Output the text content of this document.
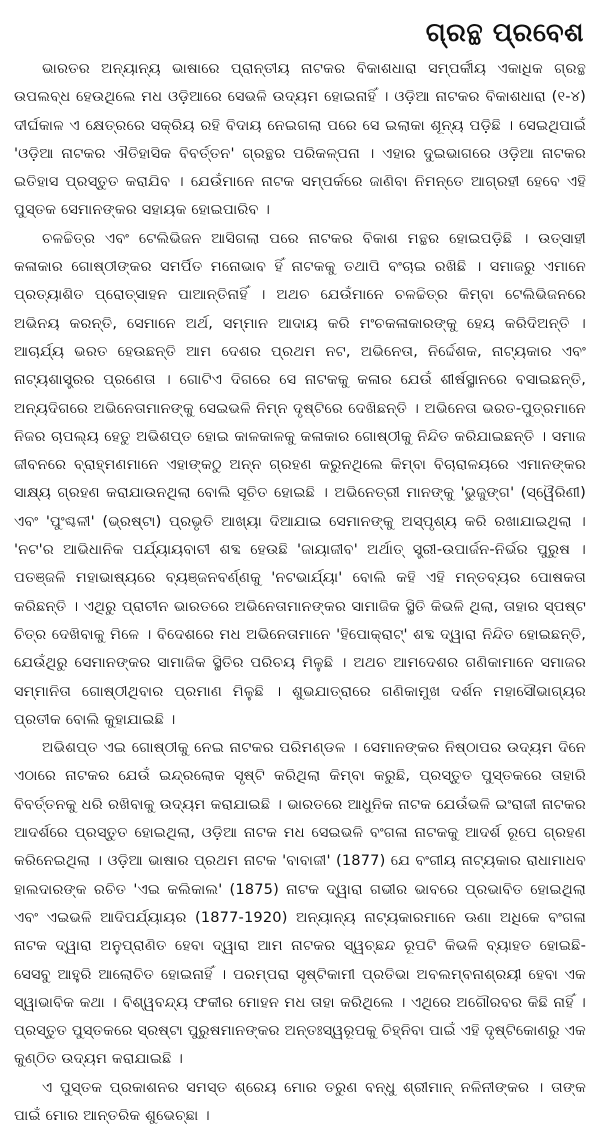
ଗ୍ରନ୍ଥ ପ୍ରବେଶ

ଭାରତର ଅନ୍ୟାନ୍ୟ ଭାଷାରେ ପ୍ରାନ୍ତୀୟ ନାଟକର ବିକାଶଧାରା ସମ୍ପର୍କୀୟ ଏକାଧିକ ଗ୍ରନ୍ଥ ଉପଲବ୍ଧ ହେଉଥିଲେ ମଧ ଓଡ଼ିଆରେ ସେଭଳି ଉଦ୍ୟମ ହୋଇନାହିଁ । ଓଡ଼ିଆ ନାଟକର ବିକାଶଧାରା (୧-୪) ଦୀର୍ଘକାଳ ଏ କ୍ଷେତ୍ରରେ ସକ୍ରିୟ ରହି ବିଦାୟ ନେଇଗଲା ପରେ ସେ ଇଲାକା ଶୂନ୍ୟ ପଡ଼ିଛି । ସେଇଥିପାଇଁ 'ଓଡ଼ିଆ ନାଟକର ଐତିହାସିକ ବିବର୍ତ୍ତନ' ଗ୍ରନ୍ଥର ପରିକଳ୍ପନା । ଏହାର ଦୁଇଭାଗରେ ଓଡ଼ିଆ ନାଟକର ଇତିହାସ ପ୍ରସ୍ତୁତ କରାଯିବ । ଯେଉଁମାନେ ନାଟକ ସମ୍ପର୍କରେ ଜାଣିବା ନିମନ୍ତେ ଆଗ୍ରହୀ ହେବେ ଏହି ପୁସ୍ତକ ସେମାନଙ୍କର ସହାୟକ ହୋଇପାରିବ ।

ଚଳଚ୍ଚିତ୍ର ଏବଂ ଟେଲିଭିଜନ ଆସିଗଲା ପରେ ନାଟକର ବିକାଶ ମନ୍ଥର ହୋଇପଡ଼ିଛି । ଉତ୍ସାହୀ କଳାକାର ଗୋଷ୍ଠୀଙ୍କର ସମର୍ପିତ ମନୋଭାବ ହିଁ ନାଟକକୁ ତଥାପି ବଂଚାଇ ରଖିଛି । ସମାଜରୁ ଏମାନେ ପ୍ରତ୍ୟାଶିତ ପ୍ରୋତ୍ସାହନ ପାଆନ୍ତିନାହିଁ । ଅଥଚ ଯେଉଁମାନେ ଚଳଚ୍ଚିତ୍ର କିମ୍ବା ଟେଲିଭିଜନରେ ଅଭିନୟ କରନ୍ତି, ସେମାନେ ଅର୍ଥ, ସମ୍ମାନ ଆଦାୟ କରି ମଂଚକଳାକାରଙ୍କୁ ହେୟ କରିଦିଅନ୍ତି । ଆଚାର୍ଯ୍ୟ ଭରତ ହେଉଛନ୍ତି ଆମ ଦେଶର ପ୍ରଥମ ନଟ, ଅଭିନେତା, ନିର୍ଦ୍ଦେଶକ, ନାଟ୍ୟକାର ଏବଂ ନାଟ୍ୟଶାସ୍ତ୍ରର ପ୍ରଣେତା । ଗୋଟିଏ ଦିଗରେ ସେ ନାଟକକୁ କଳାର ଯେଉଁ ଶୀର୍ଷସ୍ଥାନରେ ବସାଇଛନ୍ତି, ଅନ୍ୟଦିଗରେ ଅଭିନେତାମାନଙ୍କୁ ସେଇଭଳି ନିମ୍ନ ଦୃଷ୍ଟିରେ ଦେଖିଛନ୍ତି । ଅଭିନେତା ଭରତ-ପୁତ୍ରମାନେ ନିଜର ଚାପଲ୍ୟ ହେତୁ ଅଭିଶପ୍ତ ହୋଇ କାଳକାଳକୁ କଳାକାର ଗୋଷ୍ଠୀକୁ ନିନ୍ଦିତ କରିଯାଇଛନ୍ତି । ସମାଜ ଜୀବନରେ ବ୍ରାହ୍ମଣମାନେ ଏହାଙ୍କଠୁ ଅନ୍ନ ଗ୍ରହଣ କରୁନଥିଲେ କିମ୍ବା ବିଚାରାଳୟରେ ଏମାନଙ୍କର ସାକ୍ଷ୍ୟ ଗ୍ରହଣ କରାଯାଉନଥିଲା ବୋଲି ସୂଚିତ ହୋଇଛି । ଅଭିନେତ୍ରୀ ମାନଙ୍କୁ 'ଭୁଜୁଙ୍ଗ' (ସ୍ୱୈରିଣୀ) ଏବଂ 'ପୁଂଶ୍ଚଳୀ' (ଭ୍ରଷ୍ଟା) ପ୍ରଭୃତି ଆଖ୍ୟା ଦିଆଯାଇ ସେମାନଙ୍କୁ ଅସ୍ପୃଶ୍ୟ କରି ରଖାଯାଇଥିଲା । 'ନଟ'ର ଆଭିଧାନିକ ପର୍ଯ୍ୟାୟବାଚୀ ଶବ୍ଦ ହେଉଛି 'ଜାୟାଜୀବ' ଅର୍ଥାତ୍ ସ୍ତ୍ରୀ-ଉପାର୍ଜନ-ନିର୍ଭର ପୁରୁଷ । ପତଞ୍ଜଳି ମହାଭାଷ୍ୟରେ ବ୍ୟଞ୍ଜନବର୍ଣ୍ଣକୁ 'ନଟଭାର୍ଯ୍ୟା' ବୋଲି କହି ଏହି ମନ୍ତବ୍ୟର ପୋଷକତା କରିଛନ୍ତି । ଏଥିରୁ ପ୍ରାଚୀନ ଭାରତରେ ଅଭିନେତାମାନଙ୍କର ସାମାଜିକ ସ୍ଥିତି କିଭଳି ଥିଲା, ତାହାର ସ୍ପଷ୍ଟ ଚିତ୍ର ଦେଖିବାକୁ ମିଳେ । ବିଦେଶରେ ମଧ ଅଭିନେତାମାନେ 'ହିପୋକ୍ରାଟ୍' ଶବ୍ଦ ଦ୍ୱାରା ନିନ୍ଦିତ ହୋଇଛନ୍ତି, ଯେଉଁଥିରୁ ସେମାନଙ୍କର ସାମାଜିକ ସ୍ଥିତିର ପରିଚୟ ମିଳୁଛି । ଅଥଚ ଆମଦେଶର ଗଣିକାମାନେ ସମାଜର ସମ୍ମାନିତା ଗୋଷ୍ଠୀଥିବାର ପ୍ରମାଣ ମିଳୁଛି । ଶୁଭଯାତ୍ରାରେ ଗଣିକାମୁଖ ଦର୍ଶନ ମହାସୌଭାଗ୍ୟର ପ୍ରତୀକ ବୋଲି କୁହାଯାଇଛି ।

ଅଭିଶପ୍ତ ଏଇ ଗୋଷ୍ଠୀକୁ ନେଇ ନାଟକର ପରିମଣ୍ଡଳ । ସେମାନଙ୍କର ନିଷ୍ଠାପର ଉଦ୍ୟମ ଦିନେ ଏଠାରେ ନାଟକର ଯେଉଁ ଇନ୍ଦ୍ରଲୋକ ସୃଷ୍ଟି କରିଥିଲା କିମ୍ବା କରୁଛି, ପ୍ରସ୍ତୁତ ପୁସ୍ତକରେ ତାହାରି ବିବର୍ତ୍ତନକୁ ଧରି ରଖିବାକୁ ଉଦ୍ୟମ କରାଯାଇଛି । ଭାରତରେ ଆଧୁନିକ ନାଟକ ଯେଉଁଭଳି ଇଂରାଜୀ ନାଟକର ଆଦର୍ଶରେ ପ୍ରସ୍ତୁତ ହୋଇଥିଲା, ଓଡ଼ିଆ ନାଟକ ମଧ ସେଇଭଳି ବଂଗଳା ନାଟକକୁ ଆଦର୍ଶ ରୂପେ ଗ୍ରହଣ କରିନେଇଥିଲା । ଓଡ଼ିଆ ଭାଷାର ପ୍ରଥମ ନାଟକ 'ବାବାଜୀ' (1877) ଯେ ବଂଗୀୟ ନାଟ୍ୟକାର ରାଧାମାଧବ ହାଲଦାରଙ୍କ ରଚିତ 'ଏଇ କଲିକାଲ' (1875) ନାଟକ ଦ୍ୱାରା ଗଭୀର ଭାବରେ ପ୍ରଭାବିତ ହୋଇଥିଲା ଏବଂ ଏଇଭଳି ଆଦିପର୍ଯ୍ୟାୟର (1877-1920) ଅନ୍ୟାନ୍ୟ ନାଟ୍ୟକାରମାନେ ଊଣା ଅଧିକେ ବଂଗଳା ନାଟକ ଦ୍ୱାରା ଅନୁପ୍ରାଣିତ ହେବା ଦ୍ୱାରା ଆମ ନାଟକର ସ୍ୱଚ୍ଛନ୍ଦ ରୂପଟି କିଭଳି ବ୍ୟାହତ ହୋଇଛି- ସେସବୁ ଆହୁରି ଆଲୋଚିତ ହୋଇନାହିଁ । ପରମ୍ପରା ସୃଷ୍ଟିକାମୀ ପ୍ରତିଭା ଅବଲମ୍ବନାଶ୍ରୟୀ ହେବା ଏକ ସ୍ୱାଭାବିକ କଥା । ବିଶ୍ୱବନ୍ଦ୍ୟ ଫକୀର ମୋହନ ମଧ ତାହା କରିଥିଲେ । ଏଥିରେ ଅଗୌରବର କିଛି ନାହିଁ । ପ୍ରସ୍ତୁତ ପୁସ୍ତକରେ ସ୍ରଷ୍ଟା ପୁରୁଷମାନଙ୍କର ଅନ୍ତଃସ୍ୱରୂପକୁ ଚିହ୍ନିବା ପାଇଁ ଏହି ଦୃଷ୍ଟିକୋଣରୁ ଏକ କୁଣ୍ଠିତ ଉଦ୍ୟମ କରାଯାଇଛି ।

ଏ ପୁସ୍ତକ ପ୍ରକାଶନର ସମସ୍ତ ଶ୍ରେୟ ମୋର ତରୁଣ ବନ୍ଧୁ ଶ୍ରୀମାନ୍ ନଳିନୀଙ୍କର । ତାଙ୍କ ପାଇଁ ମୋର ଆନ୍ତରିକ ଶୁଭେଚ୍ଛା ।
